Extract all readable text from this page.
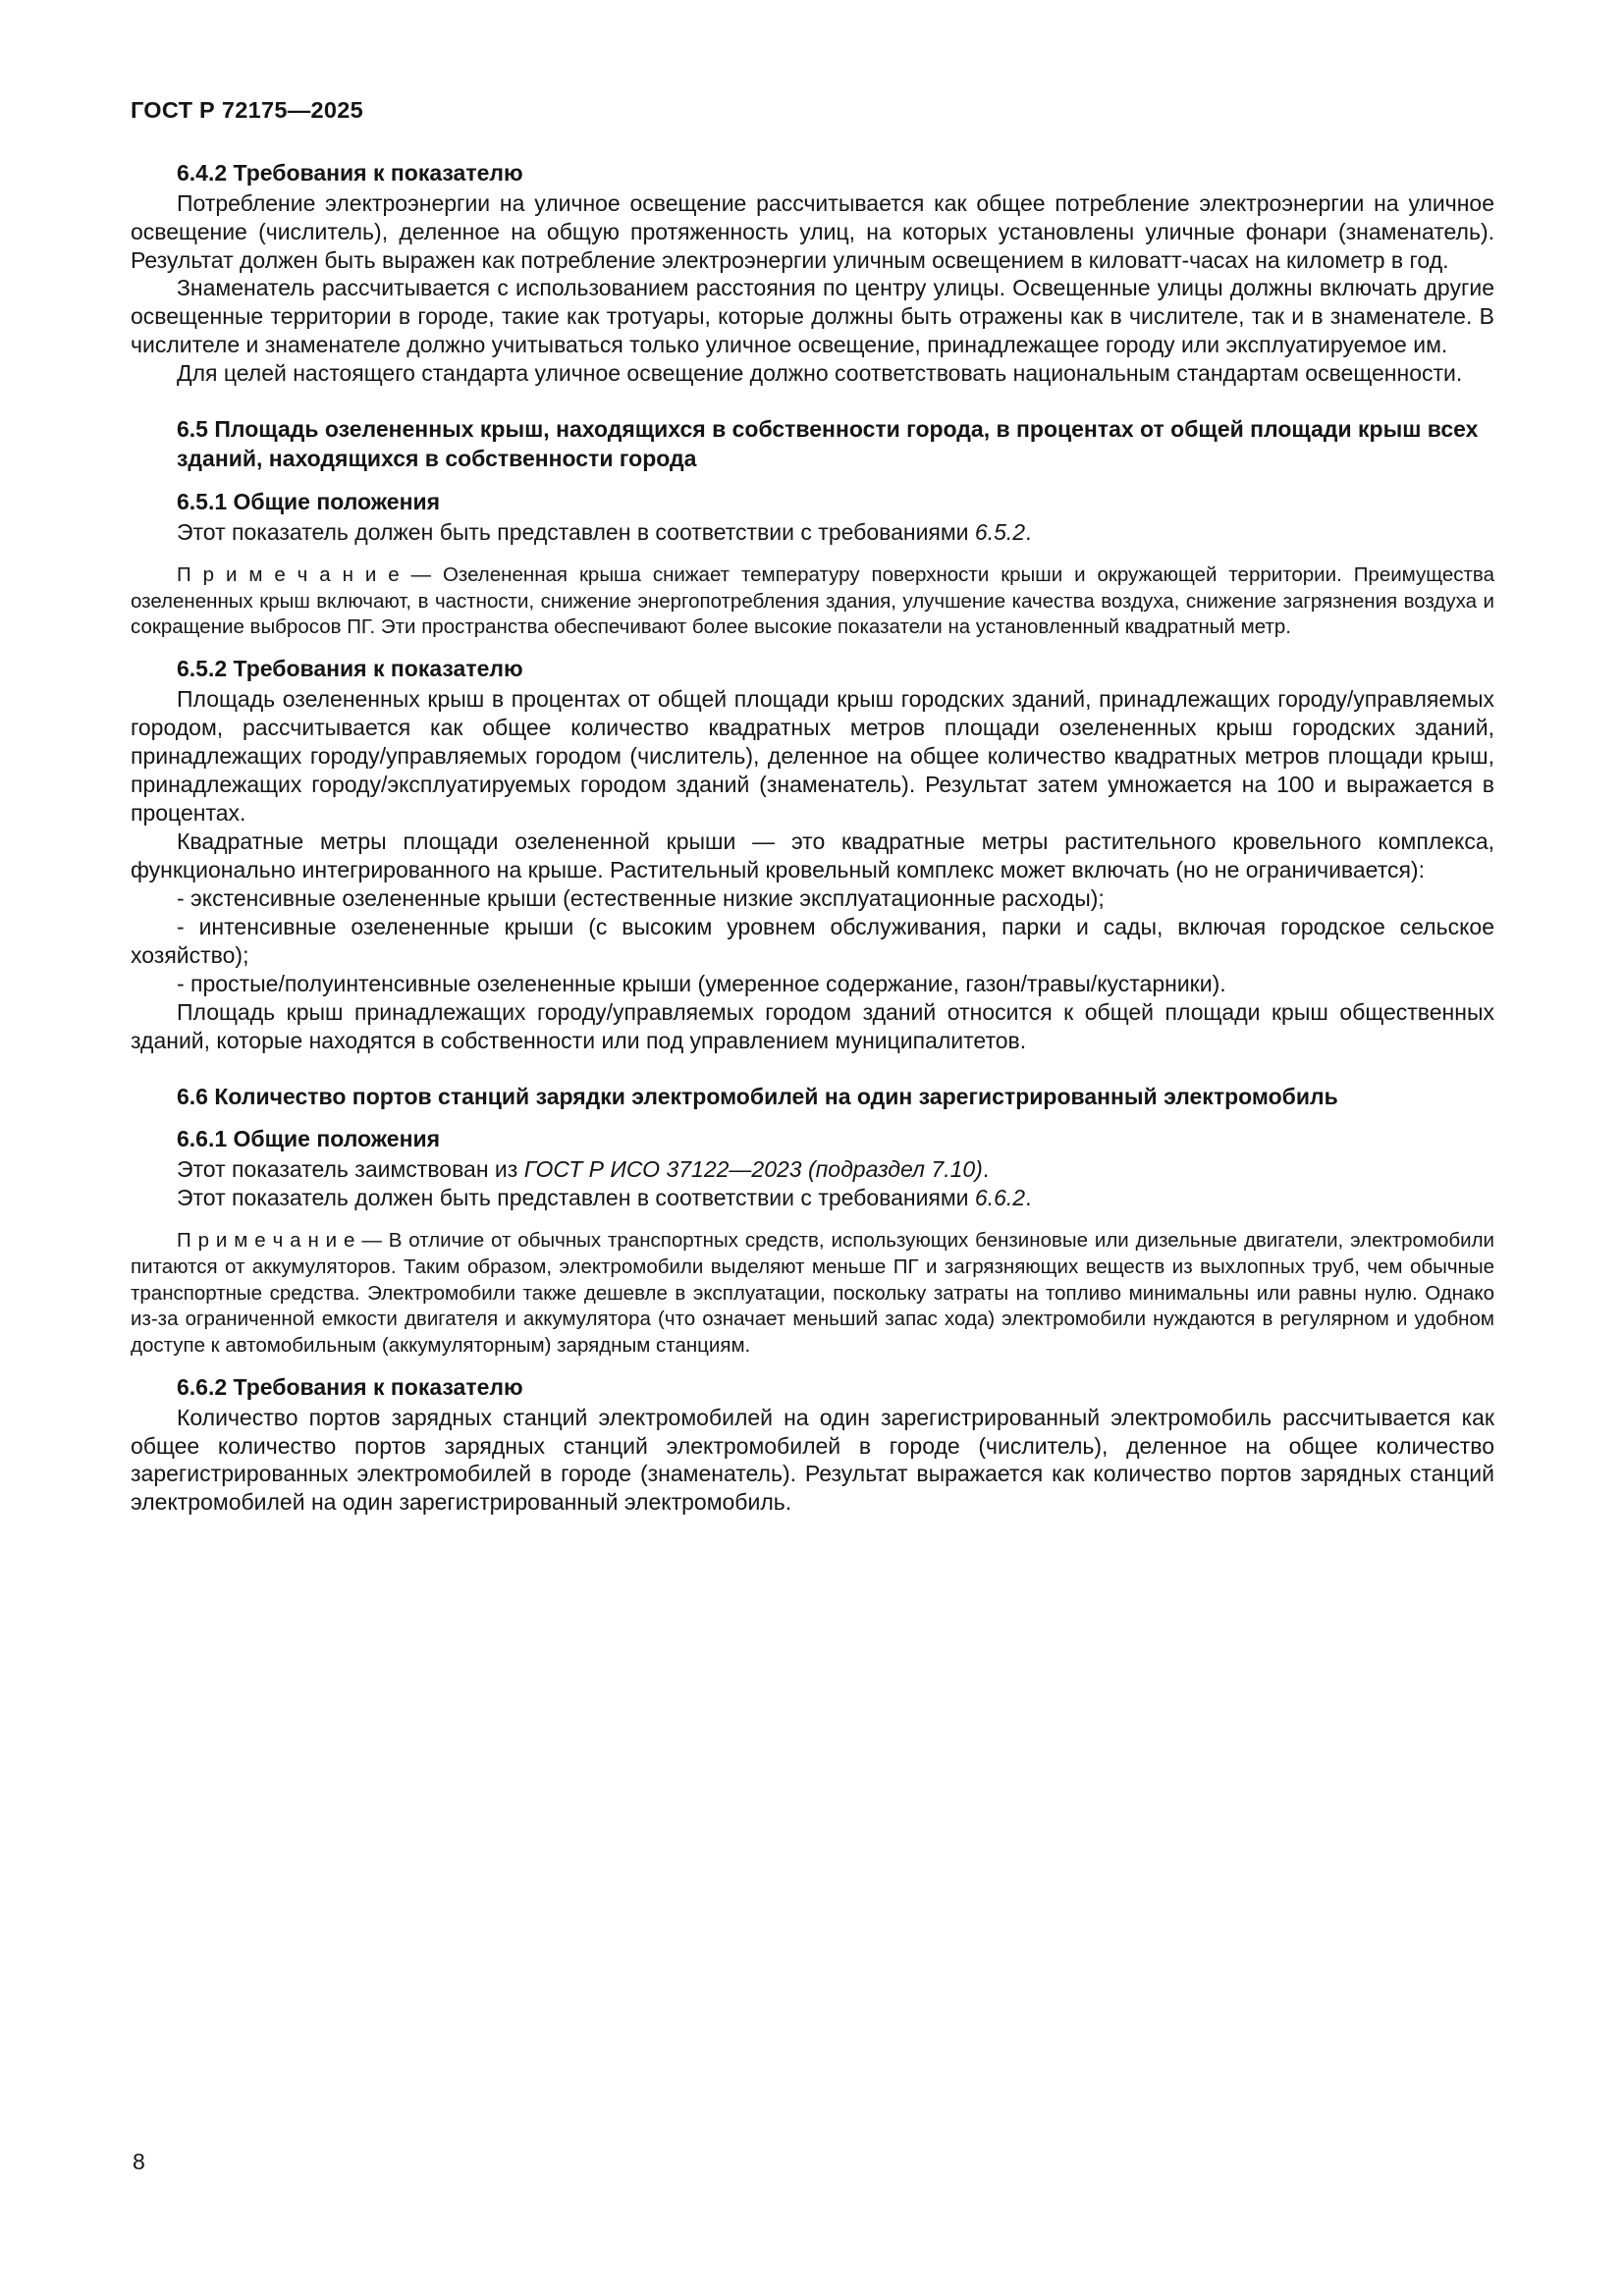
ГОСТ Р 72175—2025

6.4.2 Требования к показателю

Потребление электроэнергии на уличное освещение рассчитывается как общее потребление электроэнергии на уличное освещение (числитель), деленное на общую протяженность улиц, на которых установлены уличные фонари (знаменатель). Результат должен быть выражен как потребление электроэнергии уличным освещением в киловатт-часах на километр в год.

Знаменатель рассчитывается с использованием расстояния по центру улицы. Освещенные улицы должны включать другие освещенные территории в городе, такие как тротуары, которые должны быть отражены как в числителе, так и в знаменателе. В числителе и знаменателе должно учитываться только уличное освещение, принадлежащее городу или эксплуатируемое им.

Для целей настоящего стандарта уличное освещение должно соответствовать национальным стандартам освещенности.

6.5 Площадь озелененных крыш, находящихся в собственности города, в процентах от общей площади крыш всех зданий, находящихся в собственности города

6.5.1 Общие положения

Этот показатель должен быть представлен в соответствии с требованиями 6.5.2.

П р и м е ч а н и е — Озелененная крыша снижает температуру поверхности крыши и окружающей территории. Преимущества озелененных крыш включают, в частности, снижение энергопотребления здания, улучшение качества воздуха, снижение загрязнения воздуха и сокращение выбросов ПГ. Эти пространства обеспечивают более высокие показатели на установленный квадратный метр.

6.5.2 Требования к показателю

Площадь озелененных крыш в процентах от общей площади крыш городских зданий, принадлежащих городу/управляемых городом, рассчитывается как общее количество квадратных метров площади озелененных крыш городских зданий, принадлежащих городу/управляемых городом (числитель), деленное на общее количество квадратных метров площади крыш, принадлежащих городу/эксплуатируемых городом зданий (знаменатель). Результат затем умножается на 100 и выражается в процентах.

Квадратные метры площади озелененной крыши — это квадратные метры растительного кровельного комплекса, функционально интегрированного на крыше. Растительный кровельный комплекс может включать (но не ограничивается):

- экстенсивные озелененные крыши (естественные низкие эксплуатационные расходы);

- интенсивные озелененные крыши (с высоким уровнем обслуживания, парки и сады, включая городское сельское хозяйство);

- простые/полуинтенсивные озелененные крыши (умеренное содержание, газон/травы/кустарники).

Площадь крыш принадлежащих городу/управляемых городом зданий относится к общей площади крыш общественных зданий, которые находятся в собственности или под управлением муниципалитетов.

6.6 Количество портов станций зарядки электромобилей на один зарегистрированный электромобиль

6.6.1 Общие положения

Этот показатель заимствован из ГОСТ Р ИСО 37122—2023 (подраздел 7.10).

Этот показатель должен быть представлен в соответствии с требованиями 6.6.2.

П р и м е ч а н и е — В отличие от обычных транспортных средств, использующих бензиновые или дизельные двигатели, электромобили питаются от аккумуляторов. Таким образом, электромобили выделяют меньше ПГ и загрязняющих веществ из выхлопных труб, чем обычные транспортные средства. Электромобили также дешевле в эксплуатации, поскольку затраты на топливо минимальны или равны нулю. Однако из-за ограниченной емкости двигателя и аккумулятора (что означает меньший запас хода) электромобили нуждаются в регулярном и удобном доступе к автомобильным (аккумуляторным) зарядным станциям.

6.6.2 Требования к показателю

Количество портов зарядных станций электромобилей на один зарегистрированный электромобиль рассчитывается как общее количество портов зарядных станций электромобилей в городе (числитель), деленное на общее количество зарегистрированных электромобилей в городе (знаменатель). Результат выражается как количество портов зарядных станций электромобилей на один зарегистрированный электромобиль.

8
